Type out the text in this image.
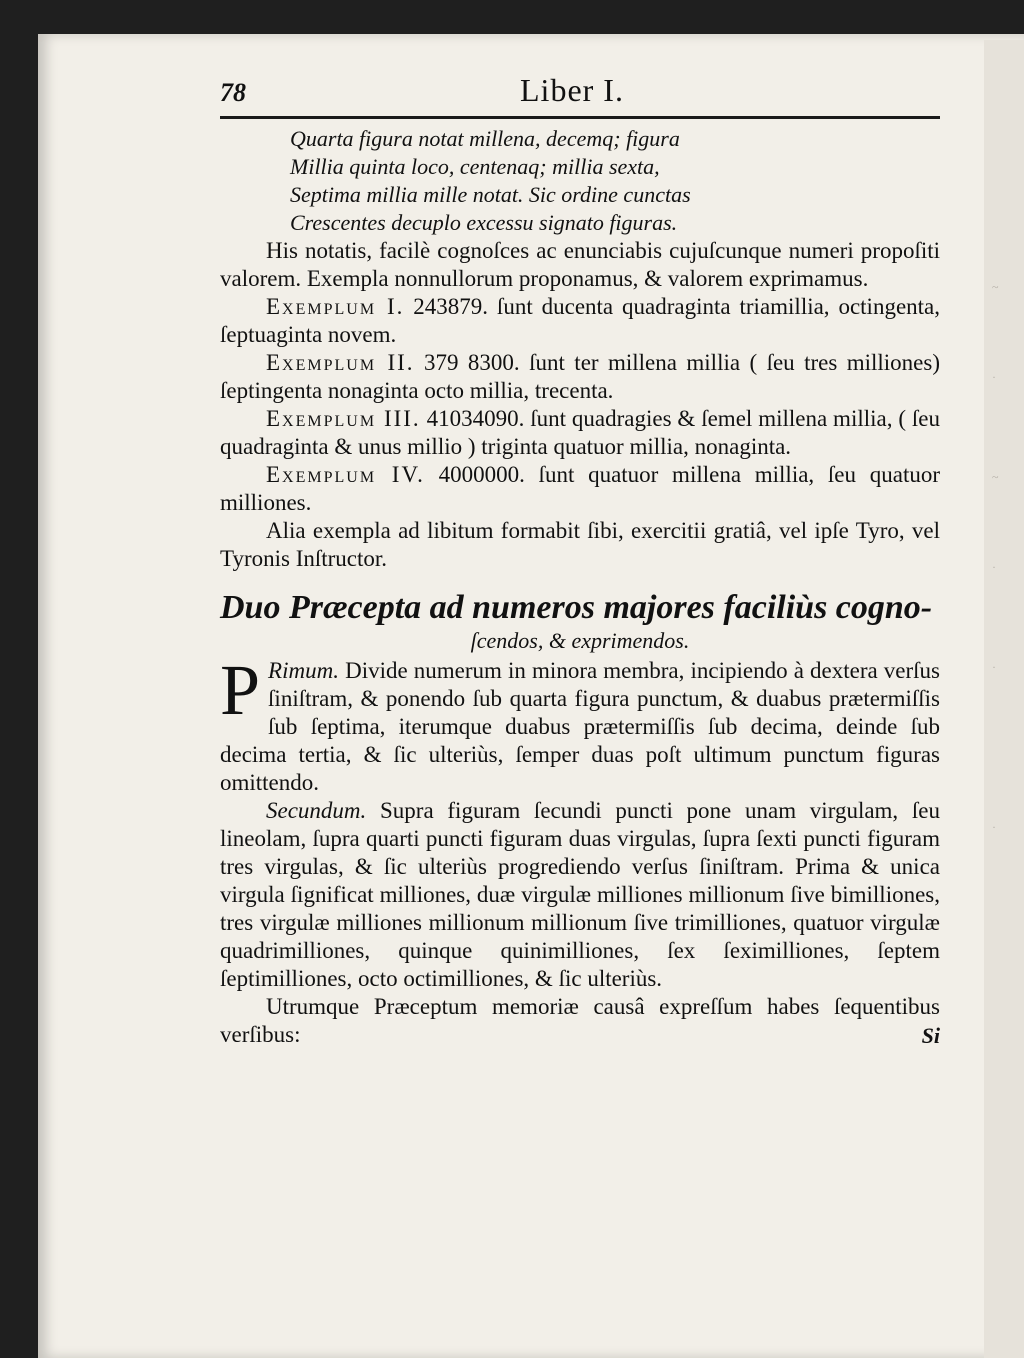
~
·
~
·
·
·
78	Liber I.
Quarta figura notat millena, decemq; figura
Millia quinta loco, centenaq; millia sexta,
Septima millia mille notat. Sic ordine cunctas
Crescentes decuplo excessu signato figuras.

His notatis, facilè cognoſces ac enunciabis cujuſcunque numeri propoſiti valorem. Exempla nonnullorum proponamus, & valorem exprimamus.

Exemplum I. 243879. ſunt ducenta quadraginta triamillia, octingenta, ſeptuaginta novem.

Exemplum II. 379 8300. ſunt ter millena millia ( ſeu tres milliones) ſeptingenta nonaginta octo millia, trecenta.

Exemplum III. 41034090. ſunt quadragies & ſemel millena millia, ( ſeu quadraginta & unus millio ) triginta quatuor millia, nonaginta.

Exemplum IV. 4000000. ſunt quatuor millena millia, ſeu quatuor milliones.

Alia exempla ad libitum formabit ſibi, exercitii gratiâ, vel ipſe Tyro, vel Tyronis Inſtructor.

Duo Præcepta ad numeros majores faciliùs cogno-
ſcendos, & exprimendos.
P Rimum. Divide numerum in minora membra, incipiendo à dextera verſus ſiniſtram, & ponendo ſub quarta figura punctum, & duabus prætermiſſis ſub ſeptima, iterumque duabus prætermiſſis ſub decima, deinde ſub decima tertia, & ſic ulteriùs, ſemper duas poſt ultimum punctum figuras omittendo.

Secundum. Supra figuram ſecundi puncti pone unam virgulam, ſeu lineolam, ſupra quarti puncti figuram duas virgulas, ſupra ſexti puncti figuram tres virgulas, & ſic ulteriùs progrediendo verſus ſiniſtram. Prima & unica virgula ſignificat milliones, duæ virgulæ milliones millionum ſive bimilliones, tres virgulæ milliones millionum millionum ſive trimilliones, quatuor virgulæ quadrimilliones, quinque quinimilliones, ſex ſeximilliones, ſeptem ſeptimilliones, octo octimilliones, & ſic ulteriùs.

Utrumque Præceptum memoriæ causâ expreſſum habes ſequentibus verſibus:	Si
